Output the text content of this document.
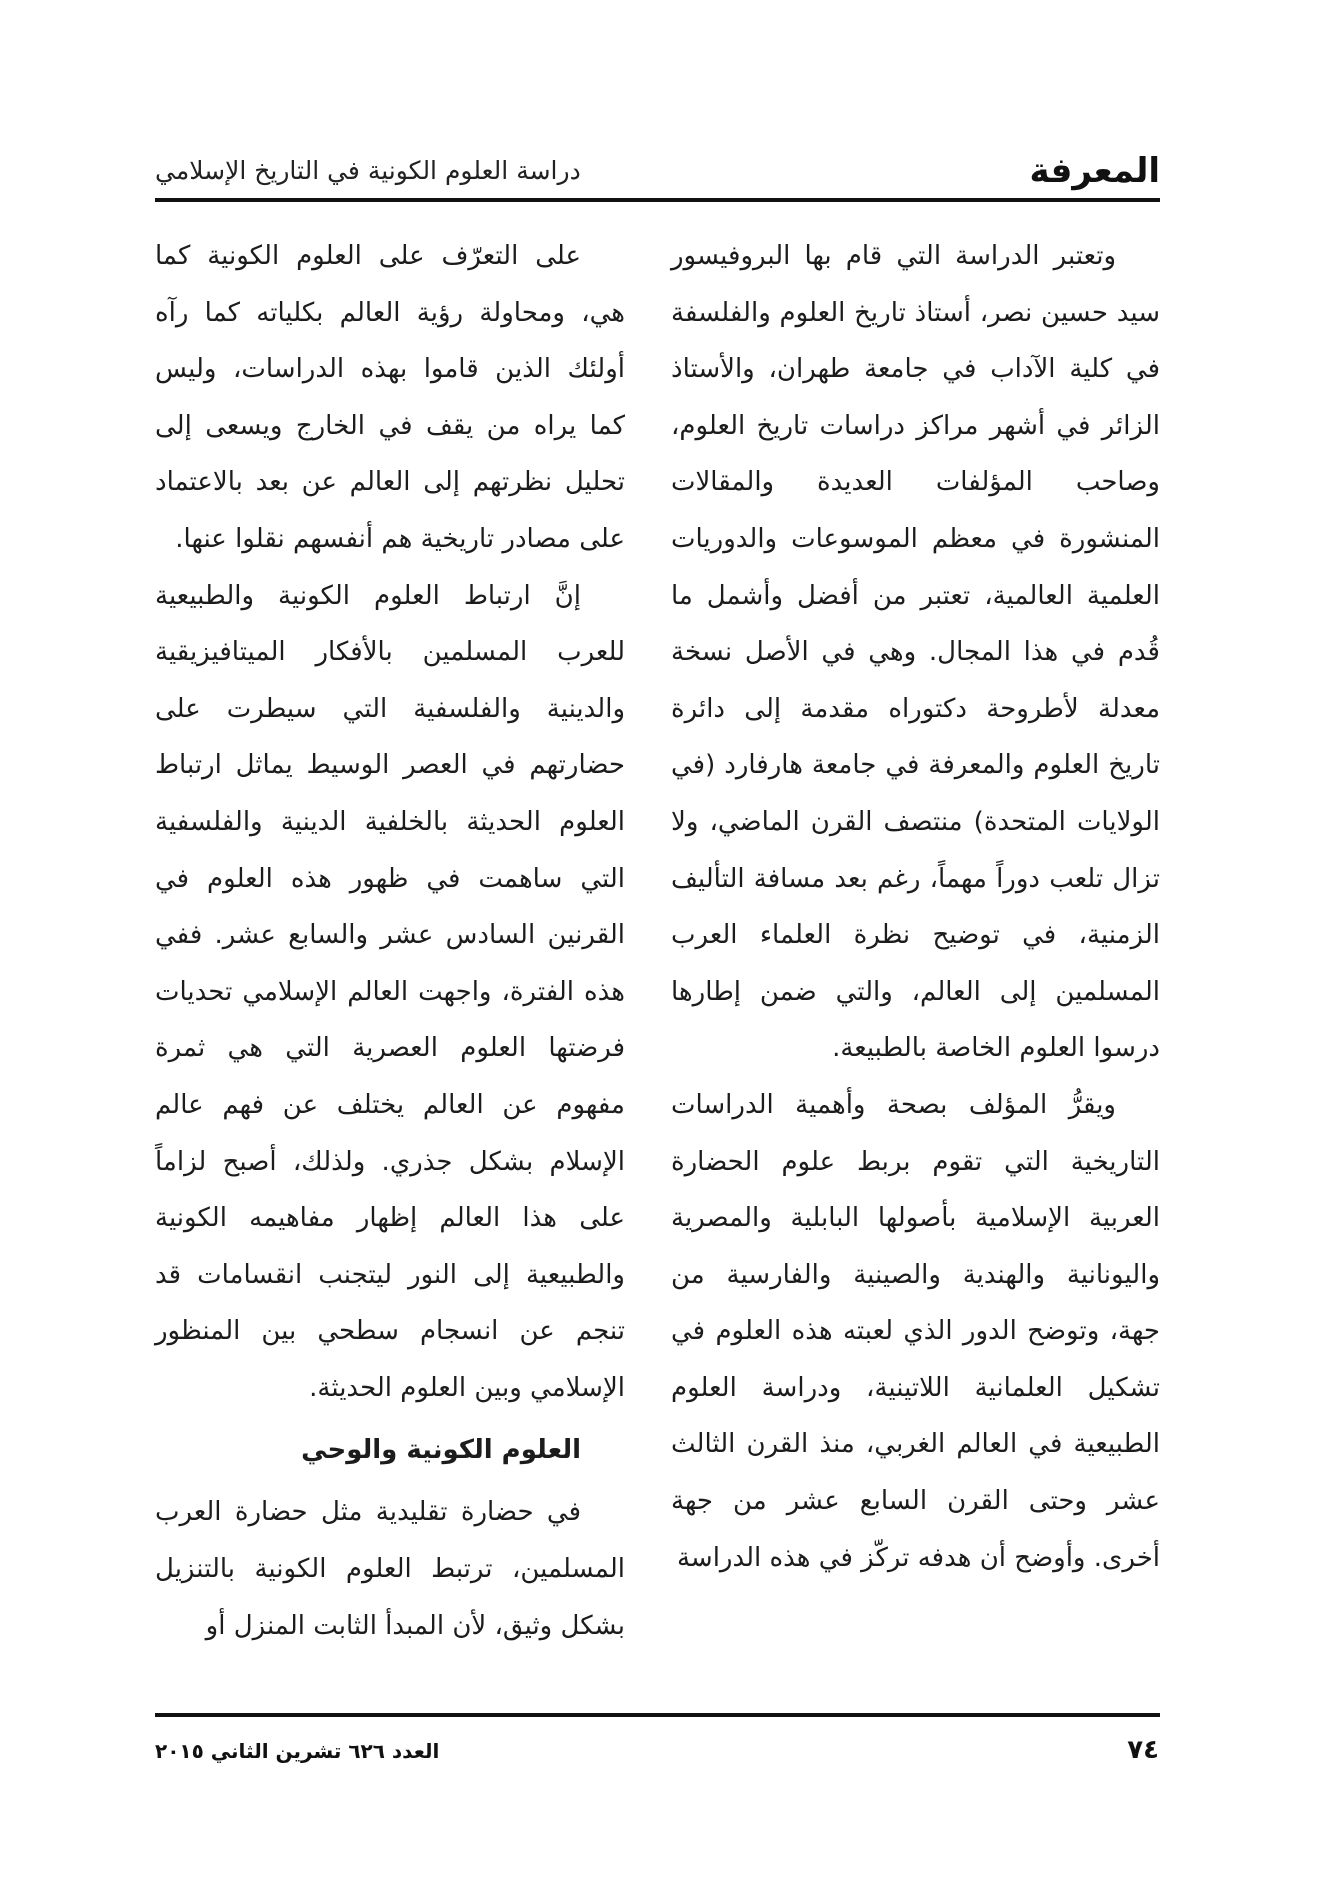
المعرفة
دراسة العلوم الكونية في التاريخ الإسلامي

وتعتبر الدراسة التي قام بها البروفيسور سيد حسين نصر، أستاذ تاريخ العلوم والفلسفة في كلية الآداب في جامعة طهران، والأستاذ الزائر في أشهر مراكز دراسات تاريخ العلوم، وصاحب المؤلفات العديدة والمقالات المنشورة في معظم الموسوعات والدوريات العلمية العالمية، تعتبر من أفضل وأشمل ما قُدم في هذا المجال. وهي في الأصل نسخة معدلة لأطروحة دكتوراه مقدمة إلى دائرة تاريخ العلوم والمعرفة في جامعة هارفارد (في الولايات المتحدة) منتصف القرن الماضي، ولا تزال تلعب دوراً مهماً، رغم بعد مسافة التأليف الزمنية، في توضيح نظرة العلماء العرب المسلمين إلى العالم، والتي ضمن إطارها درسوا العلوم الخاصة بالطبيعة.

ويقرُّ المؤلف بصحة وأهمية الدراسات التاريخية التي تقوم بربط علوم الحضارة العربية الإسلامية بأصولها البابلية والمصرية واليونانية والهندية والصينية والفارسية من جهة، وتوضح الدور الذي لعبته هذه العلوم في تشكيل العلمانية اللاتينية، ودراسة العلوم الطبيعية في العالم الغربي، منذ القرن الثالث عشر وحتى القرن السابع عشر من جهة أخرى. وأوضح أن هدفه تركّز في هذه الدراسة

على التعرّف على العلوم الكونية كما هي، ومحاولة رؤية العالم بكلياته كما رآه أولئك الذين قاموا بهذه الدراسات، وليس كما يراه من يقف في الخارج ويسعى إلى تحليل نظرتهم إلى العالم عن بعد بالاعتماد على مصادر تاريخية هم أنفسهم نقلوا عنها.

إنَّ ارتباط العلوم الكونية والطبيعية للعرب المسلمين بالأفكار الميتافيزيقية والدينية والفلسفية التي سيطرت على حضارتهم في العصر الوسيط يماثل ارتباط العلوم الحديثة بالخلفية الدينية والفلسفية التي ساهمت في ظهور هذه العلوم في القرنين السادس عشر والسابع عشر. ففي هذه الفترة، واجهت العالم الإسلامي تحديات فرضتها العلوم العصرية التي هي ثمرة مفهوم عن العالم يختلف عن فهم عالم الإسلام بشكل جذري. ولذلك، أصبح لزاماً على هذا العالم إظهار مفاهيمه الكونية والطبيعية إلى النور ليتجنب انقسامات قد تنجم عن انسجام سطحي بين المنظور الإسلامي وبين العلوم الحديثة.

العلوم الكونية والوحي

في حضارة تقليدية مثل حضارة العرب المسلمين، ترتبط العلوم الكونية بالتنزيل بشكل وثيق، لأن المبدأ الثابت المنزل أو

٧٤
العدد ٦٢٦ تشرين الثاني ٢٠١٥
